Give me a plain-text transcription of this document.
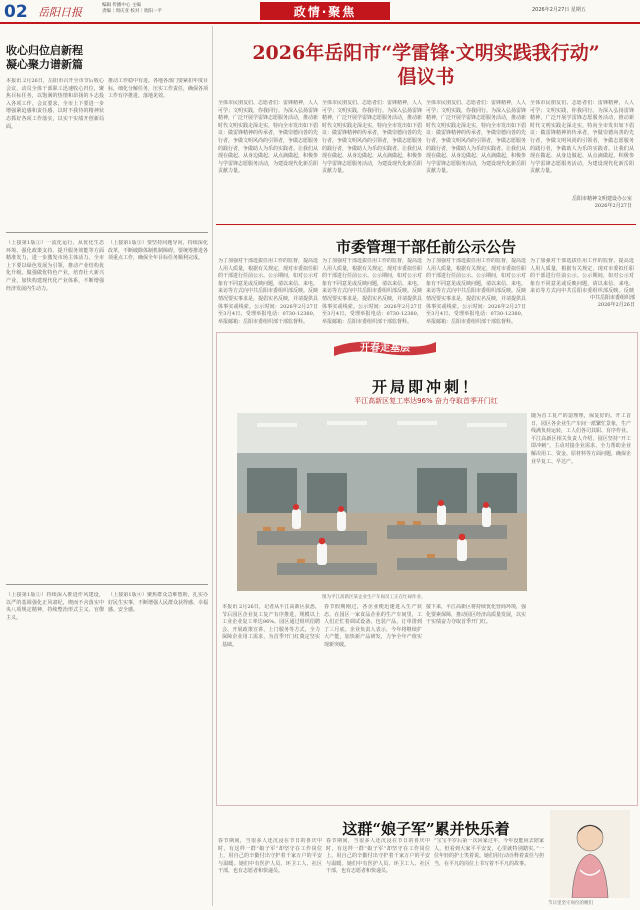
02 岳阳日报
编辑 传播中心 主编
责编｜周庆亚 校对｜欣阳一平	政情·聚焦	2026年2月27日 星期五
收心归位启新程
凝心聚力谱新篇
本报讯 2月26日，岳阳市召开全市节后收心会议，动员全体干部职工迅速收心归位，聚焦目标任务，以饱满的热情和昂扬的斗志投入各项工作。会议要求，全市上下要进一步增强紧迫感和责任感，以时不我待的精神状态抓好各项工作落实，以实干实绩开创新局面。
推动工作稳中有进。各地各部门要紧扣年度目标，细化分解任务，压实工作责任，确保各项工作有序推进、落地见效。
（上接第1版①）一流化运行，从优化生态环境、强化政策支持、提升服务效能等方面精准发力，进一步激发市场主体活力。全市上下要以绿色发展为引领，推动产业结构优化升级，做强做优特色产业，培育壮大新兴产业，加快构建现代化产业体系，不断增强经济发展内生动力。
（上接第1版③）要坚持问题导向，持续深化改革，不断破除体制机制障碍。要统筹推进各项重点工作，确保全年目标任务顺利完成。
（上接第1版②）持续深入推进作风建设，以严的基调强化正风肃纪，锲而不舍落实中央八项规定精神，持续整治形式主义、官僚主义。
（上接第1版④）聚焦群众急难愁盼，扎实办好民生实事，不断增强人民群众获得感、幸福感、安全感。
2026年岳阳市“学雷锋·文明实践我行动”
倡议书
全体市民朋友们、志愿者们：雷锋精神，人人可学；文明实践，你我同行。为深入弘扬雷锋精神，广泛开展学雷锋志愿服务活动，推动新时代文明实践走深走实，特向全市发出如下倡议：做雷锋精神的传承者，争做崇德向善的先行者，争做文明风尚的引领者，争做志愿服务的践行者，争做助人为乐的实践者。让我们从现在做起、从身边做起、从点滴做起，积极参与学雷锋志愿服务活动，为建设现代化新岳阳贡献力量。
全体市民朋友们、志愿者们：雷锋精神，人人可学；文明实践，你我同行。为深入弘扬雷锋精神，广泛开展学雷锋志愿服务活动，推动新时代文明实践走深走实，特向全市发出如下倡议：做雷锋精神的传承者，争做崇德向善的先行者，争做文明风尚的引领者，争做志愿服务的践行者，争做助人为乐的实践者。让我们从现在做起、从身边做起、从点滴做起，积极参与学雷锋志愿服务活动，为建设现代化新岳阳贡献力量。
全体市民朋友们、志愿者们：雷锋精神，人人可学；文明实践，你我同行。为深入弘扬雷锋精神，广泛开展学雷锋志愿服务活动，推动新时代文明实践走深走实，特向全市发出如下倡议：做雷锋精神的传承者，争做崇德向善的先行者，争做文明风尚的引领者，争做志愿服务的践行者，争做助人为乐的实践者。让我们从现在做起、从身边做起、从点滴做起，积极参与学雷锋志愿服务活动，为建设现代化新岳阳贡献力量。
全体市民朋友们、志愿者们：雷锋精神，人人可学；文明实践，你我同行。为深入弘扬雷锋精神，广泛开展学雷锋志愿服务活动，推动新时代文明实践走深走实，特向全市发出如下倡议：做雷锋精神的传承者，争做崇德向善的先行者，争做文明风尚的引领者，争做志愿服务的践行者，争做助人为乐的实践者。让我们从现在做起、从身边做起、从点滴做起，积极参与学雷锋志愿服务活动，为建设现代化新岳阳贡献力量。
岳阳市精神文明建设办公室
2026年2月27日
市委管理干部任前公示公告
为了加强对干部选拔任用工作的监督，提高选人用人质量，根据有关规定，现对市委拟任职的干部进行任前公示。公示期间，如对公示对象有不同意见或反映问题，请以来信、来电、来访等方式向中共岳阳市委组织部反映。反映情况要实事求是，提倡实名反映，并请提供具体事实或线索。公示时间：2026年2月27日至3月4日。受理举报电话：0730-12380，举报邮箱：岳阳市委组织部干部监督科。
为了加强对干部选拔任用工作的监督，提高选人用人质量，根据有关规定，现对市委拟任职的干部进行任前公示。公示期间，如对公示对象有不同意见或反映问题，请以来信、来电、来访等方式向中共岳阳市委组织部反映。反映情况要实事求是，提倡实名反映，并请提供具体事实或线索。公示时间：2026年2月27日至3月4日。受理举报电话：0730-12380，举报邮箱：岳阳市委组织部干部监督科。
为了加强对干部选拔任用工作的监督，提高选人用人质量，根据有关规定，现对市委拟任职的干部进行任前公示。公示期间，如对公示对象有不同意见或反映问题，请以来信、来电、来访等方式向中共岳阳市委组织部反映。反映情况要实事求是，提倡实名反映，并请提供具体事实或线索。公示时间：2026年2月27日至3月4日。受理举报电话：0730-12380，举报邮箱：岳阳市委组织部干部监督科。
为了加强对干部选拔任用工作的监督，提高选人用人质量，根据有关规定，现对市委拟任职的干部进行任前公示。公示期间，如对公示对象有不同意见或反映问题，请以来信、来电、来访等方式向中共岳阳市委组织部反映。反映
中共岳阳市委组织部
2026年2月26日
开春走基层
开局即冲刺！
平江高新区复工率达96% 奋力夺取首季开门红
图为平江高新区某企业生产车间员工正在忙碌作业。
随为首工复产的造理理，保复好的。开工首日，园区各企业生产车间一派繁忙景象，生产线满负荷运转，工人们各司其职、有序作业。平江高新区相关负责人介绍，园区坚持“开工即冲刺”，主动对接企业需求，全力帮助企业解决用工、资金、原材料等方面问题，确保企业早复工、早达产。
本报讯 2月26日，记者从平江高新区获悉，节后园区企业复工复产有序推进，规模以上工业企业复工率达96%。园区通过组织招聘会、开展政策宣讲、上门服务等方式，全力保障企业用工需求，为首季开门红奠定坚实基础。
春节假期刚过，各企业便迅速进入生产状态。在园区一家食品企业的生产车间里，工人们正忙着调试设备、包装产品，订单排到了三月底。企业负责人表示，今年将继续扩大产能，加快新产品研发，力争全年产值实现新突破。
接下来，平江高新区将持续优化营商环境，强化要素保障，推动园区经济高质量发展，以实干实绩奋力夺取首季开门红。
这群“娘子军”累并快乐着
春节期间，当很多人还沉浸在节日的喜庆中时，有这样一群“娘子军”却坚守在工作岗位上，用自己的辛勤付出守护着千家万户的平安与温暖。她们中有医护人员、环卫工人、社区干部，也有志愿者和快递员。
春节期间，当很多人还沉浸在节日的喜庆中时，有这样一群“娘子军”却坚守在工作岗位上，用自己的辛勤付出守护着千家万户的平安与温暖。她们中有医护人员、环卫工人、社区干部，也有志愿者和快递员。
“宝宝半岁后第一次回家过年，今年没能回去陪家人，但看到大家平平安安，心里就特别踏实。”一位年轻的护士笑着说。她们用行动诠释着责任与担当，在平凡的岗位上书写着不平凡的故事。
节日里坚守岗位的她们
